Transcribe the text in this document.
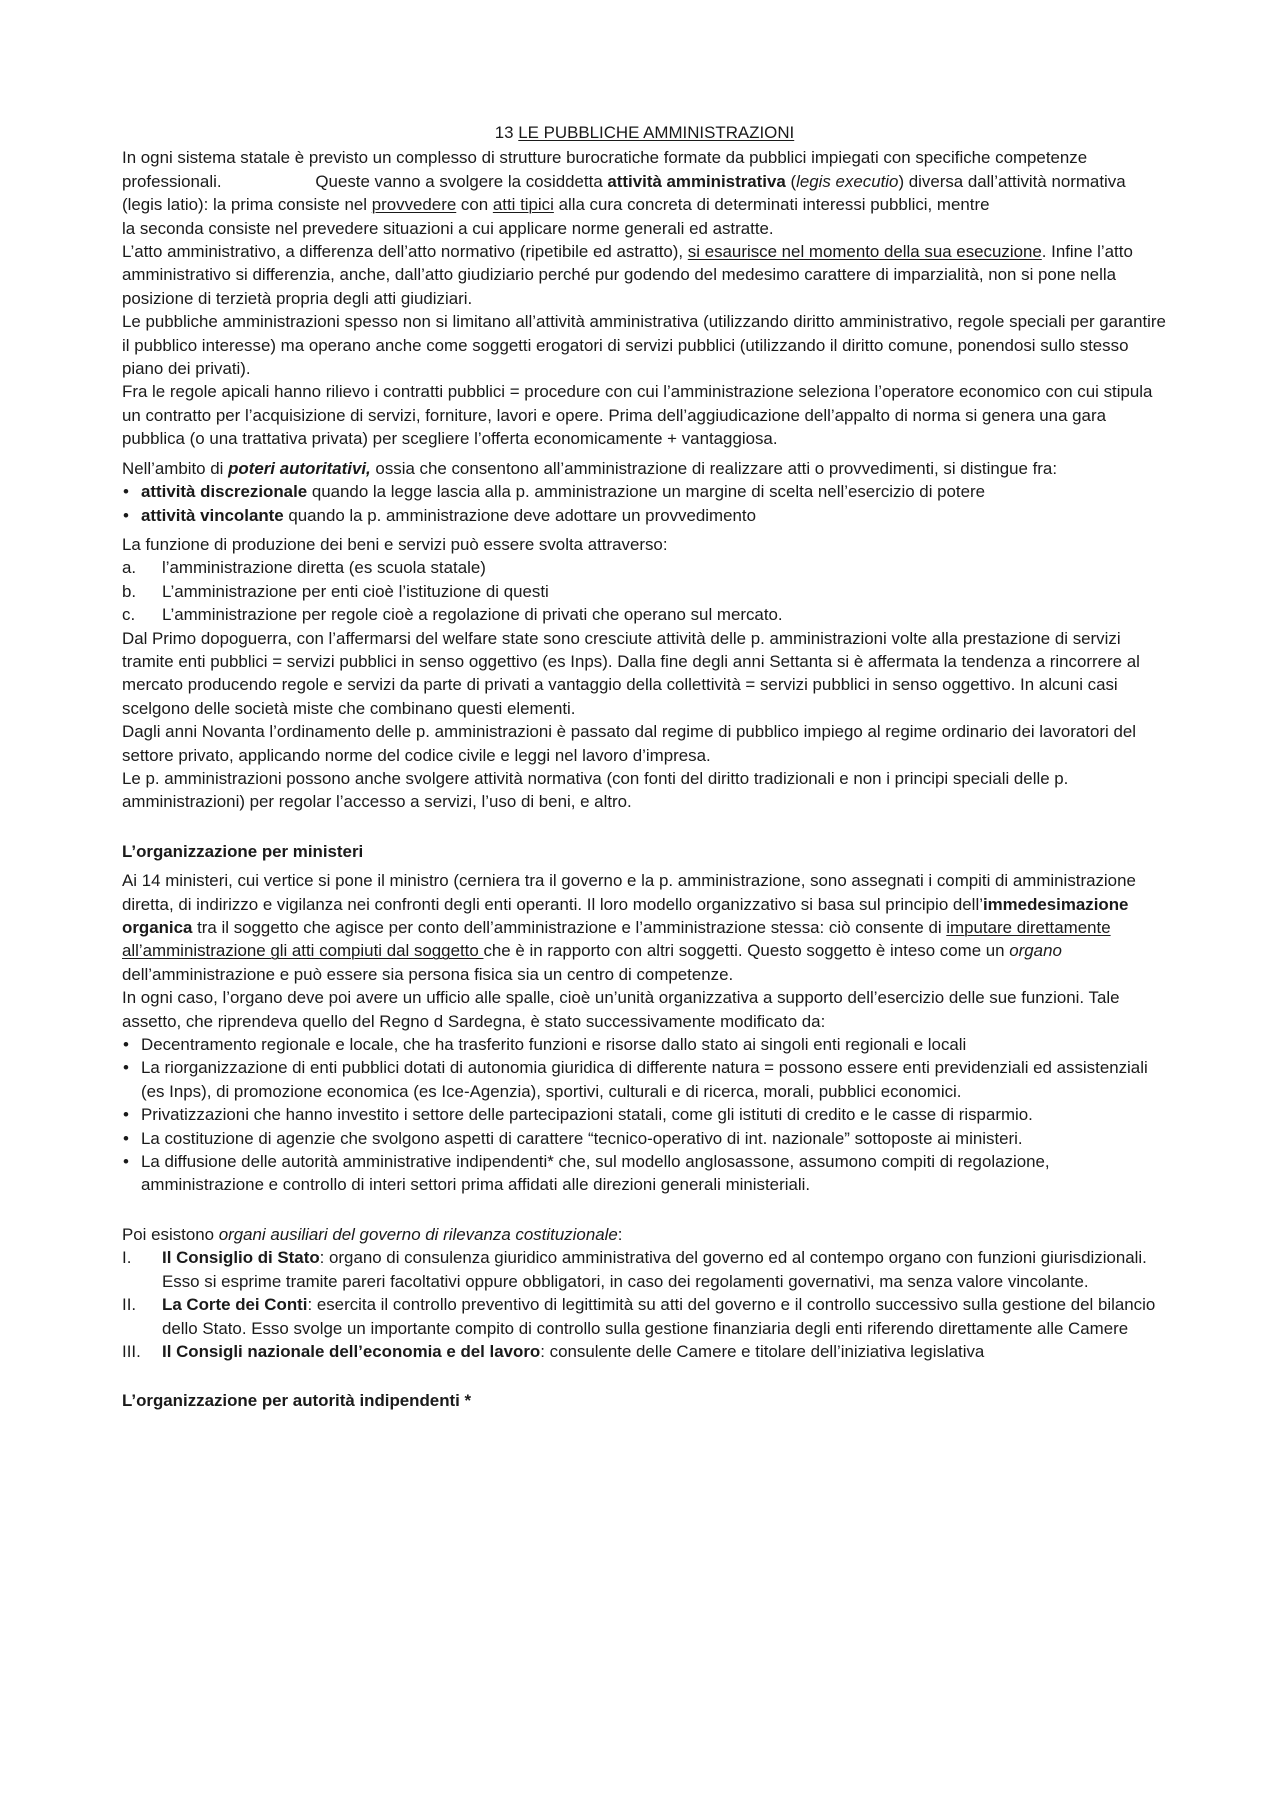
13 LE PUBBLICHE AMMINISTRAZIONI

In ogni sistema statale è previsto un complesso di strutture burocratiche formate da pubblici impiegati con specifiche competenze professionali.	Queste vanno a svolgere la cosiddetta attività amministrativa (legis executio) diversa dall’attività normativa (legis latio): la prima consiste nel provvedere con atti tipici alla cura concreta di determinati interessi pubblici, mentre

la seconda consiste nel prevedere situazioni a cui applicare norme generali ed astratte.

L’atto amministrativo, a differenza dell’atto normativo (ripetibile ed astratto), si esaurisce nel momento della sua esecuzione. Infine l’atto amministrativo si differenzia, anche, dall’atto giudiziario perché pur godendo del medesimo carattere di imparzialità, non si pone nella posizione di terzietà propria degli atti giudiziari.

Le pubbliche amministrazioni spesso non si limitano all’attività amministrativa (utilizzando diritto amministrativo, regole speciali per garantire il pubblico interesse) ma operano anche come soggetti erogatori di servizi pubblici (utilizzando il diritto comune, ponendosi sullo stesso piano dei privati).

Fra le regole apicali hanno rilievo i contratti pubblici = procedure con cui l’amministrazione seleziona l’operatore economico con cui stipula un contratto per l’acquisizione di servizi, forniture, lavori e opere. Prima dell’aggiudicazione dell’appalto di norma si genera una gara pubblica (o una trattativa privata) per scegliere l’offerta economicamente + vantaggiosa.

Nell’ambito di poteri autoritativi, ossia che consentono all’amministrazione di realizzare atti o provvedimenti, si distingue fra:

• attività discrezionale quando la legge lascia alla p. amministrazione un margine di scelta nell’esercizio di potere
• attività vincolante quando la p. amministrazione deve adottare un provvedimento

La funzione di produzione dei beni e servizi può essere svolta attraverso:

a. l’amministrazione diretta (es scuola statale)
b. L’amministrazione per enti cioè l’istituzione di questi
c. L’amministrazione per regole cioè a regolazione di privati che operano sul mercato.

Dal Primo dopoguerra, con l’affermarsi del welfare state sono cresciute attività delle p. amministrazioni volte alla prestazione di servizi tramite enti pubblici = servizi pubblici in senso oggettivo (es Inps). Dalla fine degli anni Settanta si è affermata la tendenza a rincorrere al mercato producendo regole e servizi da parte di privati a vantaggio della collettività = servizi pubblici in senso oggettivo. In alcuni casi scelgono delle società miste che combinano questi elementi.

Dagli anni Novanta l’ordinamento delle p. amministrazioni è passato dal regime di pubblico impiego al regime ordinario dei lavoratori del settore privato, applicando norme del codice civile e leggi nel lavoro d’impresa.

Le p. amministrazioni possono anche svolgere attività normativa (con fonti del diritto tradizionali e non i principi speciali delle p. amministrazioni) per regolar l’accesso a servizi, l’uso di beni, e altro.

L’organizzazione per ministeri

Ai 14 ministeri, cui vertice si pone il ministro (cerniera tra il governo e la p. amministrazione, sono assegnati i compiti di amministrazione diretta, di indirizzo e vigilanza nei confronti degli enti operanti. Il loro modello organizzativo si basa sul principio dell’immedesimazione organica tra il soggetto che agisce per conto dell’amministrazione e l’amministrazione stessa: ciò consente di imputare direttamente all’amministrazione gli atti compiuti dal soggetto che è in rapporto con altri soggetti. Questo soggetto è inteso come un organo dell’amministrazione e può essere sia persona fisica sia un centro di competenze.

In ogni caso, l’organo deve poi avere un ufficio alle spalle, cioè un’unità organizzativa a supporto dell’esercizio delle sue funzioni. Tale assetto, che riprendeva quello del Regno d Sardegna, è stato successivamente modificato da:

• Decentramento regionale e locale, che ha trasferito funzioni e risorse dallo stato ai singoli enti regionali e locali
• La riorganizzazione di enti pubblici dotati di autonomia giuridica di differente natura = possono essere enti previdenziali ed assistenziali (es Inps), di promozione economica (es Ice-Agenzia), sportivi, culturali e di ricerca, morali, pubblici economici.
• Privatizzazioni che hanno investito i settore delle partecipazioni statali, come gli istituti di credito e le casse di risparmio.
• La costituzione di agenzie che svolgono aspetti di carattere “tecnico-operativo di int. nazionale” sottoposte ai ministeri.
• La diffusione delle autorità amministrative indipendenti* che, sul modello anglosassone, assumono compiti di regolazione, amministrazione e controllo di interi settori prima affidati alle direzioni generali ministeriali.

Poi esistono organi ausiliari del governo di rilevanza costituzionale:

I. Il Consiglio di Stato: organo di consulenza giuridico amministrativa del governo ed al contempo organo con funzioni giurisdizionali. Esso si esprime tramite pareri facoltativi oppure obbligatori, in caso dei regolamenti governativi, ma senza valore vincolante.
II. La Corte dei Conti: esercita il controllo preventivo di legittimità su atti del governo e il controllo successivo sulla gestione del bilancio dello Stato. Esso svolge un importante compito di controllo sulla gestione finanziaria degli enti riferendo direttamente alle Camere
III. Il Consigli nazionale dell’economia e del lavoro: consulente delle Camere e titolare dell’iniziativa legislativa

L’organizzazione per autorità indipendenti *
